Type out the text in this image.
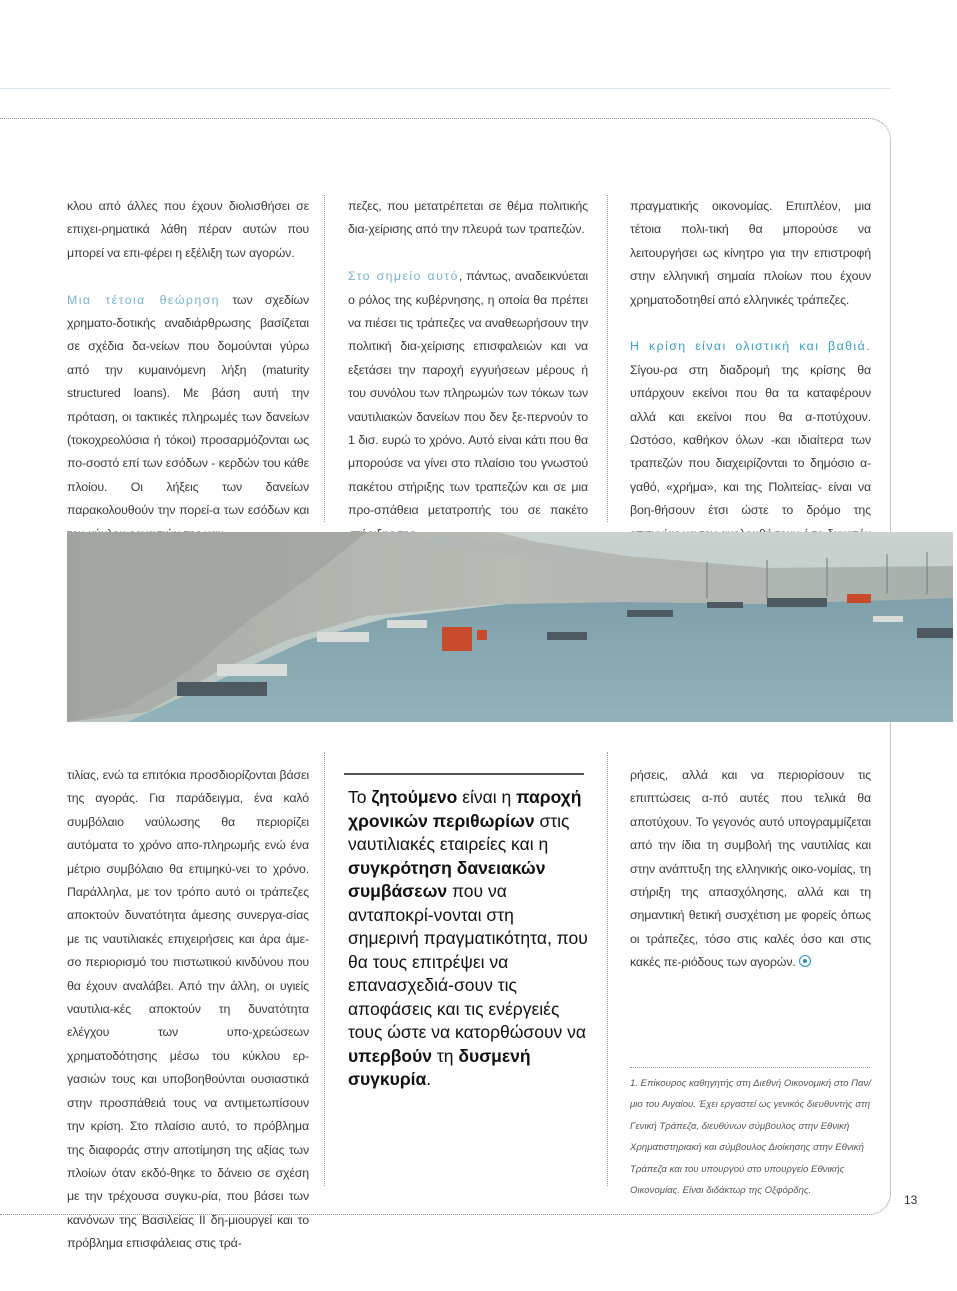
κλου από άλλες που έχουν διολισθήσει σε επιχει-ρηματικά λάθη πέραν αυτών που μπορεί να επι-φέρει η εξέλιξη των αγορών.

Μια τέτοια θεώρηση των σχεδίων χρηματο-δοτικής αναδιάρθρωσης βασίζεται σε σχέδια δα-νείων που δομούνται γύρω από την κυμαινόμενη λήξη (maturity structured loans). Με βάση αυτή την πρόταση, οι τακτικές πληρωμές των δανείων (τοκοχρεολύσια ή τόκοι) προσαρμόζονται ως πο-σοστό επί των εσόδων - κερδών του κάθε πλοίου. Οι λήξεις των δανείων παρακολουθούν την πορεί-α των εσόδων και

πεζες, που μετατρέπεται σε θέμα πολιτικής δια-χείρισης από την πλευρά των τραπεζών.

Στο σημείο αυτό, πάντως, αναδεικνύεται ο ρόλος της κυβέρνησης, η οποία θα πρέπει να πιέσει τις τράπεζες να αναθεωρήσουν την πολιτική δια-χείρισης επισφαλειών και να εξετάσει την παροχή εγγυήσεων μέρους ή του συνόλου των πληρωμών των τόκων των ναυτιλιακών δανείων που δεν ξε-περνούν το 1 δισ. ευρώ το χρόνο. Αυτό είναι κάτι που θα μπορούσε να γίνει στο πλαίσιο του γνωστού πακέτου στήριξης των τραπεζών και σε μια προ-σπάθεια μετατροπής του σε πακέτο

πραγματικής οικονομίας. Επιπλέον, μια τέτοια πολι-τική θα μπορούσε να λειτουργήσει ως κίνητρο για την επιστροφή στην ελληνική σημαία πλοίων που έχουν χρηματοδοτηθεί από ελληνικές τράπεζες.

Η κρίση είναι ολιστική και βαθιά. Σίγου-ρα στη διαδρομή της κρίσης θα υπάρχουν εκείνοι που θα τα καταφέρουν αλλά και εκείνοι που θα α-ποτύχουν. Ωστόσο, καθήκον όλων -και ιδιαίτερα των τραπεζών που διαχειρίζονται το δημόσιο α-γαθό, «χρήμα», και της Πολιτείας- είναι να βοη-θήσουν έτσι ώστε το δρόμο της

τιλίας, ενώ τα επιτόκια προσδιορίζονται βάσει της αγοράς. Για παράδειγμα, ένα καλό συμβόλαιο ναύλωσης θα περιορίζει αυτόματα το χρόνο απο-πληρωμής ενώ ένα μέτριο συμβόλαιο θα επιμηκύ-νει το χρόνο. Παράλληλα, με τον τρόπο αυτό οι τράπεζες αποκτούν δυνατότητα άμεσης συνεργα-σίας με τις ναυτιλιακές επιχειρήσεις και άρα άμε-σο περιορισμό του πιστωτικού κινδύνου που θα έχουν αναλάβει. Από την άλλη, οι υγιείς ναυτιλια-κές αποκτούν τη δυνατότητα ελέγχου των υπο-χρεώσεων χρηματοδότησης μέσω του κύκλου ερ-γασιών τους και υποβοηθούνται ουσιαστικά στην προσπάθειά τους να αντιμετωπίσουν την κρίση. Στο πλαίσιο αυτό, το πρόβλημα της διαφοράς στην αποτίμηση της αξίας των πλοίων όταν εκδό-θηκε το δάνειο σε σχέση με την τρέχουσα συγκυ-ρία, που βάσει των κανόνων της Βασιλείας ΙΙ δη-μιουργεί και το πρόβλημα επισφάλειας στις τρά-

Το ζητούμενο είναι η παροχή χρονικών περιθωρίων στις ναυτιλιακές εταιρείες και η συγκρότηση δανειακών συμβάσεων που να ανταποκρί-νονται στη σημερινή πραγματικότητα, που θα τους επιτρέψει να επανασχεδιά-σουν τις αποφάσεις και τις ενέργειές τους ώστε να κατορθώσουν να υπερβούν τη δυσμενή συγκυρία.

ρήσεις, αλλά και να περιορίσουν τις επιπτώσεις α-πό αυτές που τελικά θα αποτύχουν. Το γεγονός αυτό υπογραμμίζεται από την ίδια τη συμβολή της ναυτιλίας και στην ανάπτυξη της ελληνικής οικο-νομίας, τη στήριξη της απασχόλησης, αλλά και τη σημαντική θετική συσχέτιση με φορείς όπως οι τράπεζες, τόσο στις καλές όσο και στις κακές πε-ριόδους των αγορών.

1. Επίκουρος καθηγητής στη Διεθνή Οικονομική στο Παν/μιο του Αιγαίου. Έχει εργαστεί ως γενικός διευθυντής στη Γενική Τράπεζα, διευθύνων σύμβουλος στην Εθνική Χρηματιστηριακή και σύμβουλος Διοίκησης στην Εθνική Τράπεζα και του υπουργού στο υπουργείο Εθνικής Οικονομίας. Είναι διδάκτωρ της Οξφόρδης.
13
